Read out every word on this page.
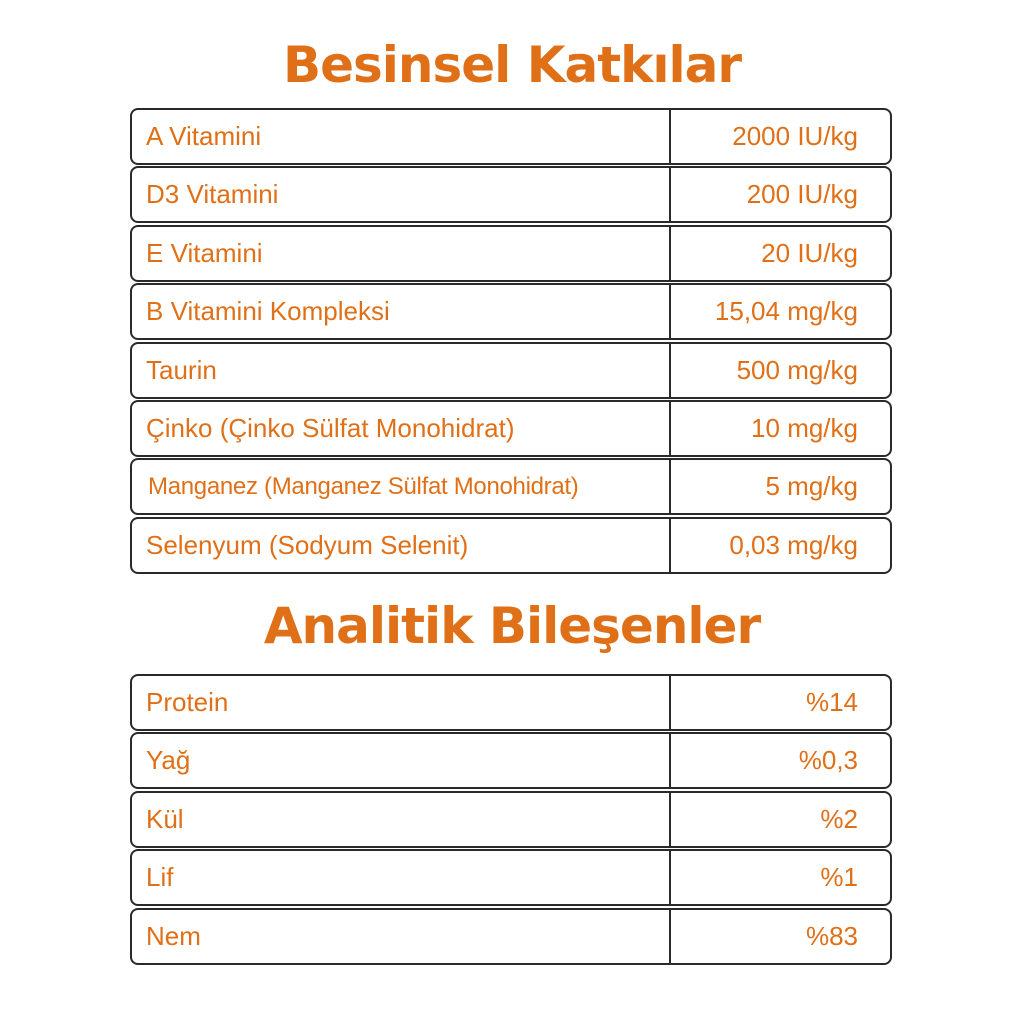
Besinsel Katkılar
A Vitamini	2000 IU/kg
D3 Vitamini	200 IU/kg
E Vitamini	20 IU/kg
B Vitamini Kompleksi	15,04 mg/kg
Taurin	500 mg/kg
Çinko (Çinko Sülfat Monohidrat)	10 mg/kg
Manganez (Manganez Sülfat Monohidrat)	5 mg/kg
Selenyum (Sodyum Selenit)	0,03 mg/kg
Analitik Bileşenler
Protein	%14
Yağ	%0,3
Kül	%2
Lif	%1
Nem	%83
